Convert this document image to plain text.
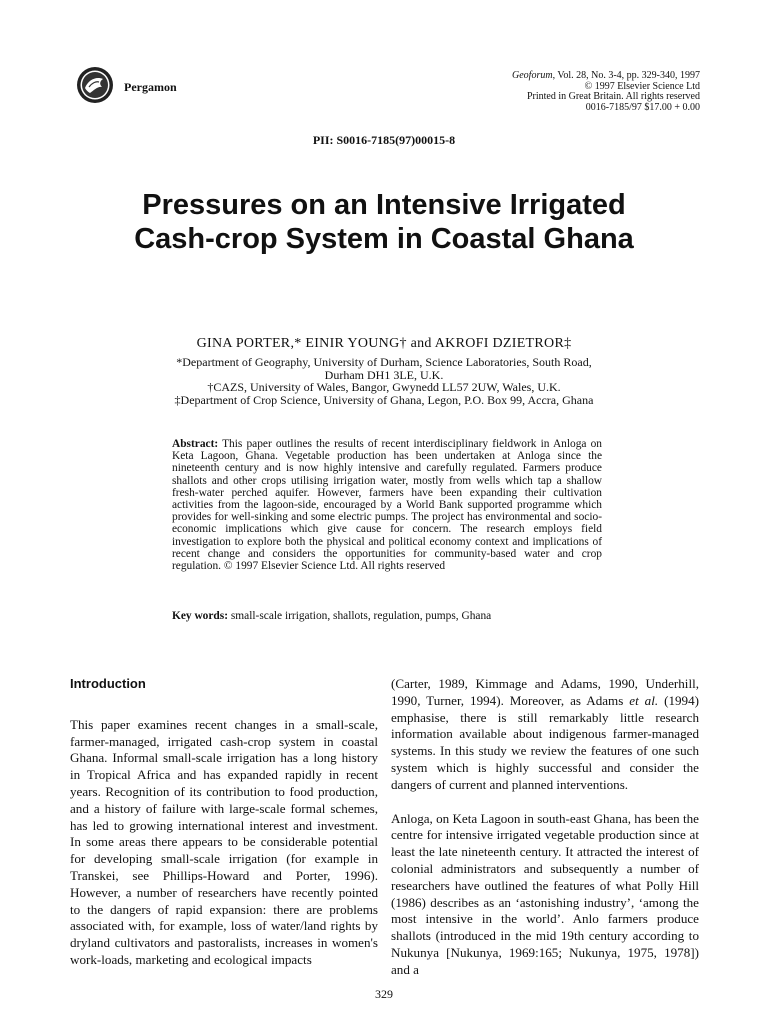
Pergamon
Geoforum, Vol. 28, No. 3-4, pp. 329-340, 1997
© 1997 Elsevier Science Ltd
Printed in Great Britain. All rights reserved
0016-7185/97 $17.00 + 0.00
PII: S0016-7185(97)00015-8
Pressures on an Intensive Irrigated
Cash-crop System in Coastal Ghana
GINA PORTER,* EINIR YOUNG† and AKROFI DZIETROR‡
*Department of Geography, University of Durham, Science Laboratories, South Road, Durham DH1 3LE, U.K.
†CAZS, University of Wales, Bangor, Gwynedd LL57 2UW, Wales, U.K.
‡Department of Crop Science, University of Ghana, Legon, P.O. Box 99, Accra, Ghana
Abstract: This paper outlines the results of recent interdisciplinary fieldwork in Anloga on Keta Lagoon, Ghana. Vegetable production has been undertaken at Anloga since the nineteenth century and is now highly intensive and carefully regulated. Farmers produce shallots and other crops utilising irrigation water, mostly from wells which tap a shallow fresh-water perched aquifer. However, farmers have been expanding their cultivation activities from the lagoon-side, encouraged by a World Bank supported programme which provides for well-sinking and some electric pumps. The project has environmental and socio-economic implications which give cause for concern. The research employs field investigation to explore both the physical and political economy context and implications of recent change and considers the opportunities for community-based water and crop regulation. © 1997 Elsevier Science Ltd. All rights reserved
Key words: small-scale irrigation, shallots, regulation, pumps, Ghana
Introduction

This paper examines recent changes in a small-scale, farmer-managed, irrigated cash-crop system in coastal Ghana. Informal small-scale irrigation has a long history in Tropical Africa and has expanded rapidly in recent years. Recognition of its contribution to food production, and a history of failure with large-scale formal schemes, has led to growing international interest and investment. In some areas there appears to be considerable potential for developing small-scale irrigation (for example in Transkei, see Phillips-Howard and Porter, 1996). However, a number of researchers have recently pointed to the dangers of rapid expansion: there are problems associated with, for example, loss of water/land rights by dryland cultivators and pastoralists, increases in women's work-loads, marketing and ecological impacts

(Carter, 1989, Kimmage and Adams, 1990, Underhill, 1990, Turner, 1994). Moreover, as Adams et al. (1994) emphasise, there is still remarkably little research information available about indigenous farmer-managed systems. In this study we review the features of one such system which is highly successful and consider the dangers of current and planned interventions.

Anloga, on Keta Lagoon in south-east Ghana, has been the centre for intensive irrigated vegetable production since at least the late nineteenth century. It attracted the interest of colonial administrators and subsequently a number of researchers have outlined the features of what Polly Hill (1986) describes as an ‘astonishing industry’, ‘among the most intensive in the world’. Anlo farmers produce shallots (introduced in the mid 19th century according to Nukunya [Nukunya, 1969:165; Nukunya, 1975, 1978]) and a

329
